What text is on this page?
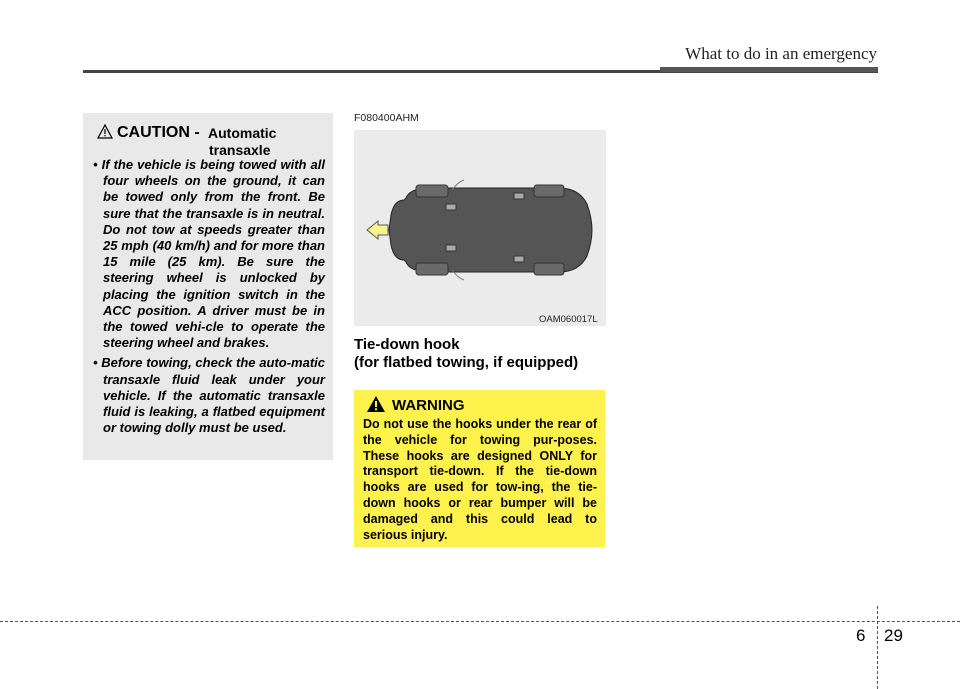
What to do in an emergency
CAUTION - Automatic
transaxle
• If the vehicle is being towed with all four wheels on the ground, it can be towed only from the front. Be sure that the transaxle is in neutral. Do not tow at speeds greater than 25 mph (40 km/h) and for more than 15 mile (25 km). Be sure the steering wheel is unlocked by placing the ignition switch in the ACC position. A driver must be in the towed vehi-cle to operate the steering wheel and brakes.
• Before towing, check the auto-matic transaxle fluid leak under your vehicle. If the automatic transaxle fluid is leaking, a flatbed equipment or towing dolly must be used.
F080400AHM
OAM060017L
Tie-down hook
(for flatbed towing, if equipped)
WARNING

Do not use the hooks under the rear of the vehicle for towing pur-poses. These hooks are designed ONLY for transport tie-down. If the tie-down hooks are used for tow-ing, the tie-down hooks or rear bumper will be damaged and this could lead to serious injury.

6 29
